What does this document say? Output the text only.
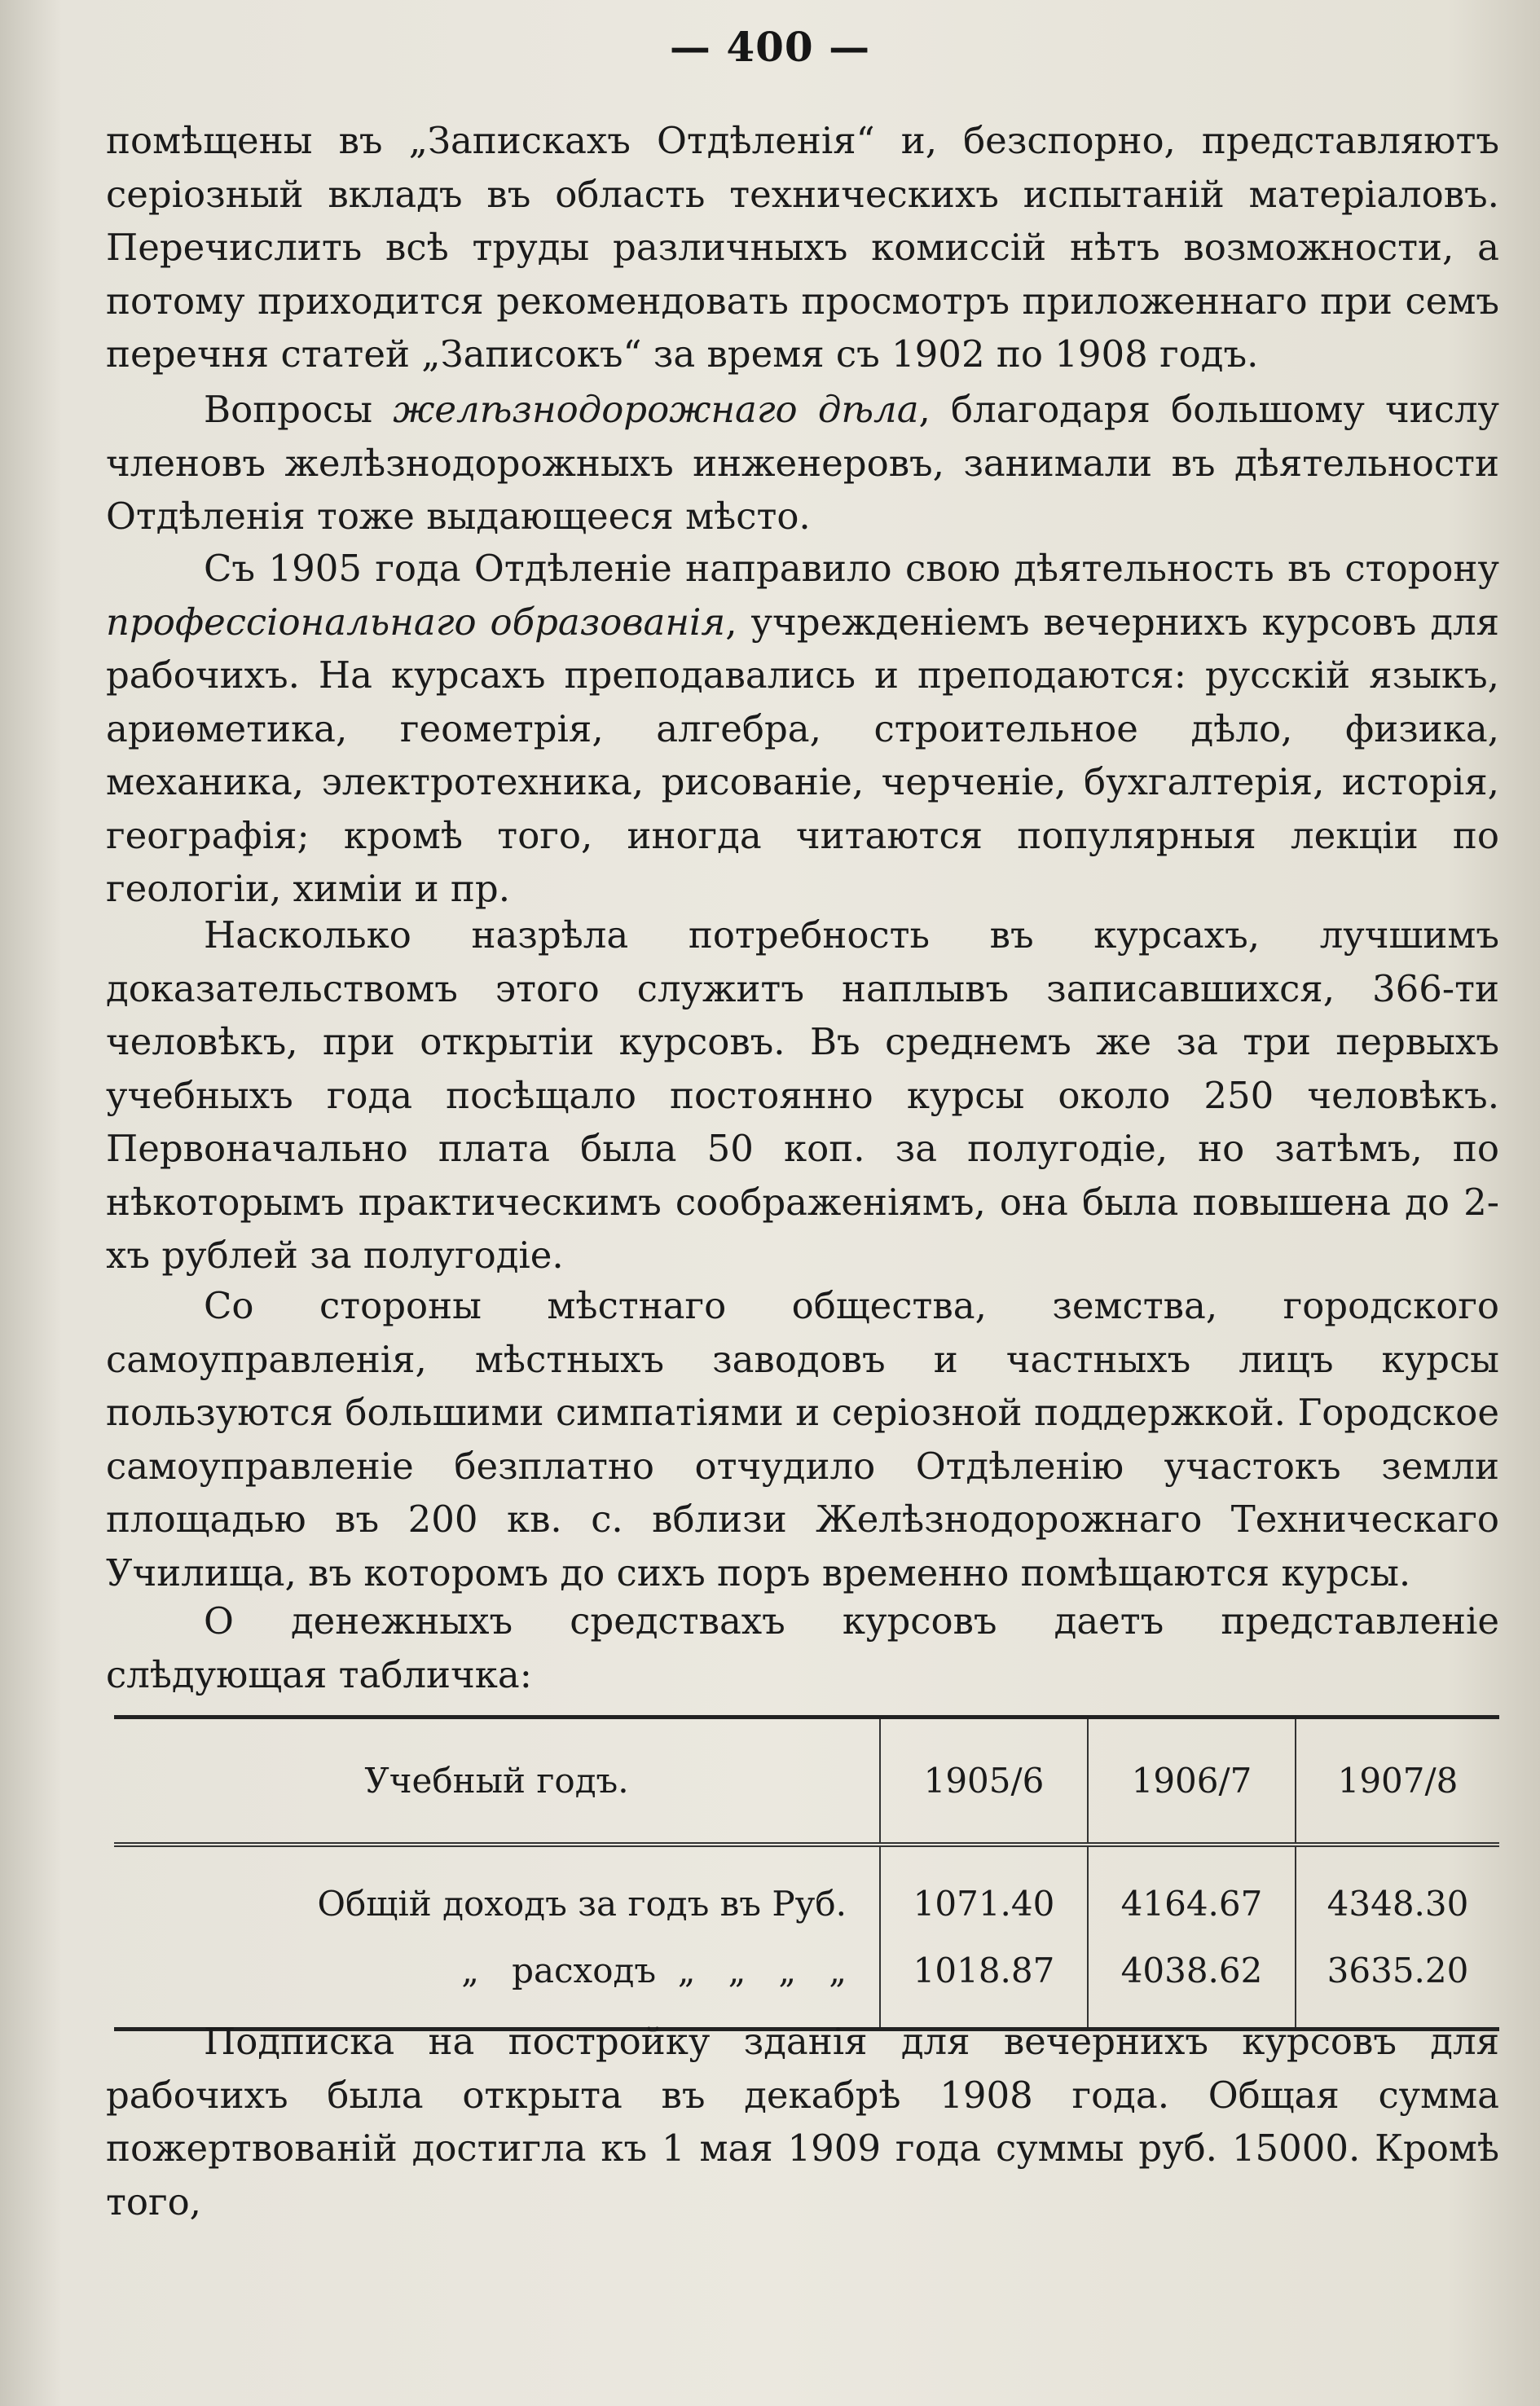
— 400 —

помѣщены въ „Запискахъ Отдѣленія“ и, безспорно, представляютъ серіозный вкладъ въ область техническихъ испытаній матеріаловъ. Перечислить всѣ труды различныхъ комиссій нѣтъ возможности, а потому приходится рекомендовать просмотръ приложеннаго при семъ перечня статей „Записокъ“ за время съ 1902 по 1908 годъ.

Вопросы желѣзнодорожнаго дѣла, благодаря большому числу членовъ желѣзнодорожныхъ инженеровъ, занимали въ дѣятельности Отдѣленія тоже выдающееся мѣсто.

Съ 1905 года Отдѣленіе направило свою дѣятельность въ сторону профессіональнаго образованія, учрежденіемъ вечернихъ курсовъ для рабочихъ. На курсахъ преподавались и преподаются: русскій языкъ, ариѳметика, геометрія, алгебра, строительное дѣло, физика, механика, электротехника, рисованіе, черченіе, бухгалтерія, исторія, географія; кромѣ того, иногда читаются популярныя лекціи по геологіи, химіи и пр.

Насколько назрѣла потребность въ курсахъ, лучшимъ доказательствомъ этого служитъ наплывъ записавшихся, 366-ти человѣкъ, при открытіи курсовъ. Въ среднемъ же за три первыхъ учебныхъ года посѣщало постоянно курсы около 250 человѣкъ. Первоначально плата была 50 коп. за полугодіе, но затѣмъ, по нѣкоторымъ практическимъ соображеніямъ, она была повышена до 2-хъ рублей за полугодіе.

Со стороны мѣстнаго общества, земства, городского самоуправленія, мѣстныхъ заводовъ и частныхъ лицъ курсы пользуются большими симпатіями и серіозной поддержкой. Городское самоуправленіе безплатно отчудило Отдѣленію участокъ земли площадью въ 200 кв. с. вблизи Желѣзнодорожнаго Техническаго Училища, въ которомъ до сихъ поръ временно помѣщаются курсы.

О денежныхъ средствахъ курсовъ даетъ представленіе слѣдующая табличка:

Учебный годъ.	1905/6	1906/7	1907/8
Общій доходъ за годъ въ Руб.	1071.40	4164.67	4348.30
„   расходъ  „   „   „   „	1018.87	4038.62	3635.20

Подписка на постройку зданія для вечернихъ курсовъ для рабочихъ была открыта въ декабрѣ 1908 года. Общая сумма пожертвованій достигла къ 1 мая 1909 года суммы руб. 15000. Кромѣ того,
